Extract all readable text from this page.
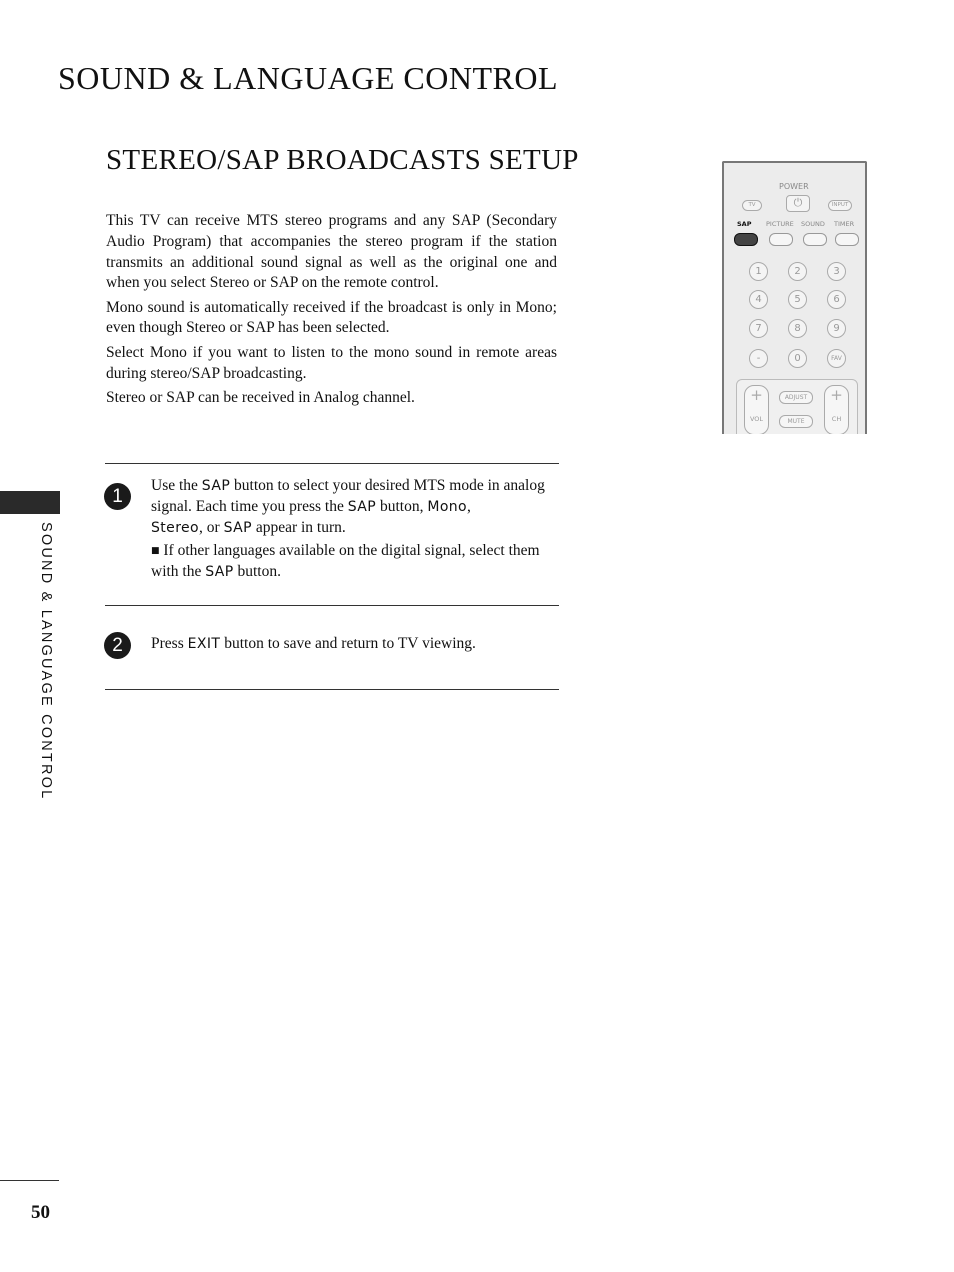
SOUND & LANGUAGE CONTROL
STEREO/SAP BROADCASTS SETUP

This TV can receive MTS stereo programs and any SAP (Secondary Audio Program) that accompanies the stereo program if the station transmits an additional sound signal as well as the original one and when you select Stereo or SAP on the remote control.

Mono sound is automatically received if the broadcast is only in Mono; even though Stereo or SAP has been selected.

Select Mono if you want to listen to the mono sound in remote areas during stereo/SAP broadcasting.

Stereo or SAP can be received in Analog channel.

1

Use the SAP button to select your desired MTS mode in analog signal. Each time you press the SAP button, Mono,
Stereo, or SAP appear in turn.

■ If other languages available on the digital signal, select them with the SAP button.

2	Press EXIT button to save and return to TV viewing.

POWER
⏻
TV	INPUT
SAP PICTURE SOUND TIMER
1	2	3
4	5	6
7	8	9
-	0	FAV
+
VOL
+
CH
ADJUST
MUTE
SOUND & LANGUAGE CONTROL
50
